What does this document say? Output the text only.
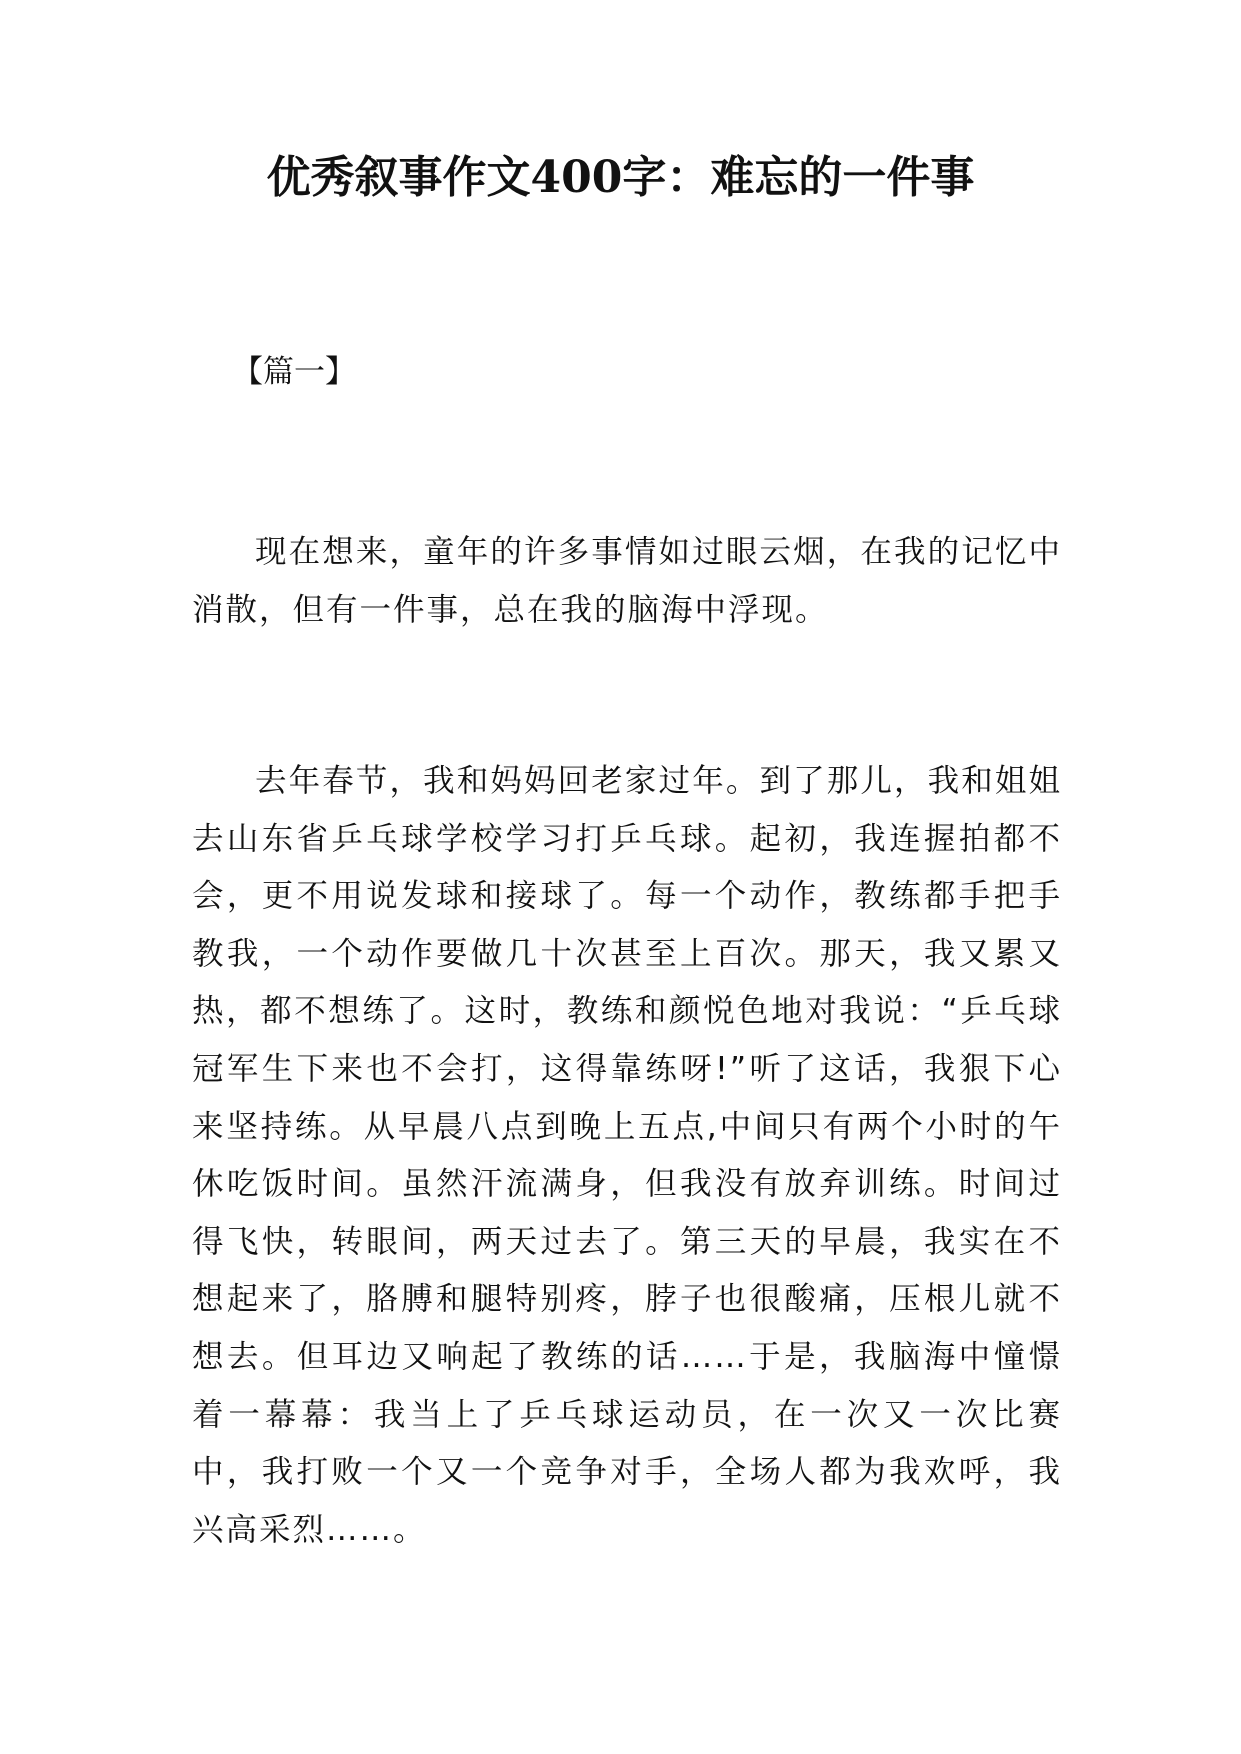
优秀叙事作文400字：难忘的一件事

【篇一】

现在想来，童年的许多事情如过眼云烟，在我的记忆中消散，但有一件事，总在我的脑海中浮现。

去年春节，我和妈妈回老家过年。到了那儿，我和姐姐去山东省乒乓球学校学习打乒乓球。起初，我连握拍都不会，更不用说发球和接球了。每一个动作，教练都手把手教我，一个动作要做几十次甚至上百次。那天，我又累又热，都不想练了。这时，教练和颜悦色地对我说：“乒乓球冠军生下来也不会打，这得靠练呀!”听了这话，我狠下心来坚持练。从早晨八点到晚上五点,中间只有两个小时的午休吃饭时间。虽然汗流满身，但我没有放弃训练。时间过得飞快，转眼间，两天过去了。第三天的早晨，我实在不想起来了，胳膊和腿特别疼，脖子也很酸痛，压根儿就不想去。但耳边又响起了教练的话……于是，我脑海中憧憬着一幕幕：我当上了乒乓球运动员，在一次又一次比赛中，我打败一个又一个竞争对手，全场人都为我欢呼，我兴高采烈……。
